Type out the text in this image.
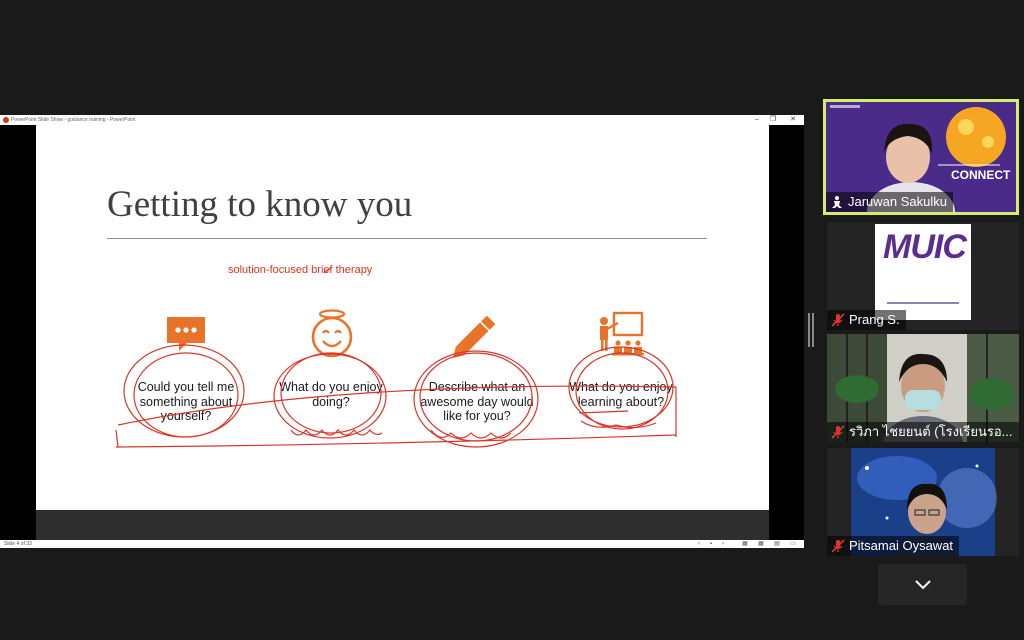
PowerPoint Slide Show - guidance training - PowerPoint	–	❐	✕
Getting to know you
solution-focused brief therapy
Could you tell me something about yourself?
What do you enjoy doing?
Describe what an awesome day would like for you?
What do you enjoy learning about?
Slide 4 of 33	‹	▪	›	▦ ▦ ▤ ▭
CONNECT
Jaruwan Sakulku
MUIC
Prang S.
รวิภา ไชยยนต์ (โรงเรียนรอ...
Pitsamai Oysawat
